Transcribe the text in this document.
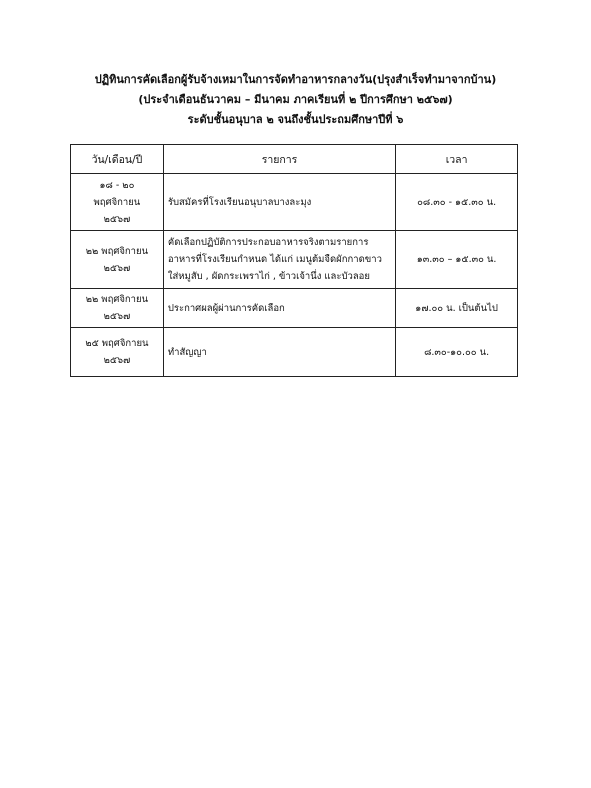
ปฏิทินการคัดเลือกผู้รับจ้างเหมาในการจัดทำอาหารกลางวัน(ปรุงสำเร็จทำมาจากบ้าน)
(ประจำเดือนธันวาคม – มีนาคม ภาคเรียนที่ ๒ ปีการศึกษา ๒๕๖๗)
ระดับชั้นอนุบาล ๒ จนถึงชั้นประถมศึกษาปีที่ ๖
วัน/เดือน/ปี	รายการ	เวลา

๑๘ - ๒๐
พฤศจิกายน
๒๕๖๗	รับสมัครที่โรงเรียนอนุบาลบางละมุง	๐๘.๓๐ - ๑๕.๓๐ น.

๒๒ พฤศจิกายน
๒๕๖๗	คัดเลือกปฏิบัติการประกอบอาหารจริงตามรายการ
อาหารที่โรงเรียนกำหนด ได้แก่ เมนูต้มจืดผักกาดขาว
ใส่หมูสับ , ผัดกระเพราไก่ , ข้าวเจ้านึ่ง และบัวลอย	๑๓.๓๐ – ๑๕.๓๐ น.

๒๒ พฤศจิกายน
๒๕๖๗	ประกาศผลผู้ผ่านการคัดเลือก	๑๗.๐๐ น. เป็นต้นไป

๒๕ พฤศจิกายน
๒๕๖๗	ทำสัญญา	๘.๓๐-๑๐.๐๐ น.
